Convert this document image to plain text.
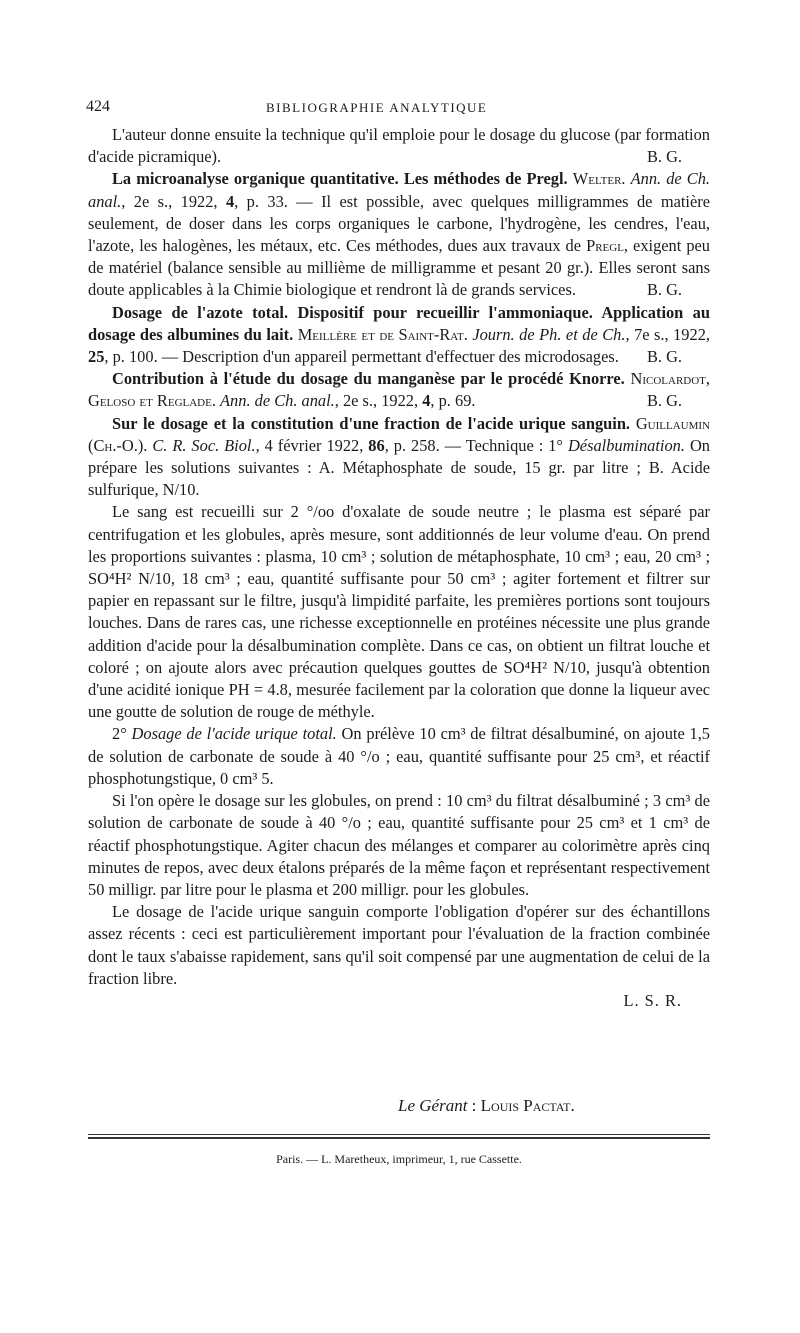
424	BIBLIOGRAPHIE ANALYTIQUE

L'auteur donne ensuite la technique qu'il emploie pour le dosage du glucose (par formation d'acide picramique).	B. G.

La microanalyse organique quantitative. Les méthodes de Pregl. Welter. Ann. de Ch. anal., 2e s., 1922, 4, p. 33. — Il est possible, avec quelques milligrammes de matière seulement, de doser dans les corps organiques le carbone, l'hydrogène, les cendres, l'eau, l'azote, les halogènes, les métaux, etc. Ces méthodes, dues aux travaux de Pregl, exigent peu de matériel (balance sensible au millième de milligramme et pesant 20 gr.). Elles seront sans doute applicables à la Chimie biologique et rendront là de grands services.	B. G.

Dosage de l'azote total. Dispositif pour recueillir l'ammoniaque. Application au dosage des albumines du lait. Meillère et de Saint-Rat. Journ. de Ph. et de Ch., 7e s., 1922, 25, p. 100. — Description d'un appareil permettant d'effectuer des microdosages.	B. G.

Contribution à l'étude du dosage du manganèse par le procédé Knorre. Nicolardot, Geloso et Reglade. Ann. de Ch. anal., 2e s., 1922, 4, p. 69.	B. G.

Sur le dosage et la constitution d'une fraction de l'acide urique sanguin. Guillaumin (Ch.-O.). C. R. Soc. Biol., 4 février 1922, 86, p. 258. — Technique : 1° Désalbumination. On prépare les solutions suivantes : A. Métaphosphate de soude, 15 gr. par litre ; B. Acide sulfurique, N/10.

Le sang est recueilli sur 2 °/oo d'oxalate de soude neutre ; le plasma est séparé par centrifugation et les globules, après mesure, sont additionnés de leur volume d'eau. On prend les proportions suivantes : plasma, 10 cm³ ; solution de métaphosphate, 10 cm³ ; eau, 20 cm³ ; SO⁴H² N/10, 18 cm³ ; eau, quantité suffisante pour 50 cm³ ; agiter fortement et filtrer sur papier en repassant sur le filtre, jusqu'à limpidité parfaite, les premières portions sont toujours louches. Dans de rares cas, une richesse exceptionnelle en protéines nécessite une plus grande addition d'acide pour la désalbumination complète. Dans ce cas, on obtient un filtrat louche et coloré ; on ajoute alors avec précaution quelques gouttes de SO⁴H² N/10, jusqu'à obtention d'une acidité ionique PH = 4.8, mesurée facilement par la coloration que donne la liqueur avec une goutte de solution de rouge de méthyle.

2° Dosage de l'acide urique total. On prélève 10 cm³ de filtrat désalbuminé, on ajoute 1,5 de solution de carbonate de soude à 40 °/o ; eau, quantité suffisante pour 25 cm³, et réactif phosphotungstique, 0 cm³ 5.

Si l'on opère le dosage sur les globules, on prend : 10 cm³ du filtrat désalbuminé ; 3 cm³ de solution de carbonate de soude à 40 °/o ; eau, quantité suffisante pour 25 cm³ et 1 cm³ de réactif phosphotungstique. Agiter chacun des mélanges et comparer au colorimètre après cinq minutes de repos, avec deux étalons préparés de la même façon et représentant respectivement 50 milligr. par litre pour le plasma et 200 milligr. pour les globules.

Le dosage de l'acide urique sanguin comporte l'obligation d'opérer sur des échantillons assez récents : ceci est particulièrement important pour l'évaluation de la fraction combinée dont le taux s'abaisse rapidement, sans qu'il soit compensé par une augmentation de celui de la fraction libre.

L. S. R.

Le Gérant : Louis Pactat.
Paris. — L. Maretheux, imprimeur, 1, rue Cassette.
